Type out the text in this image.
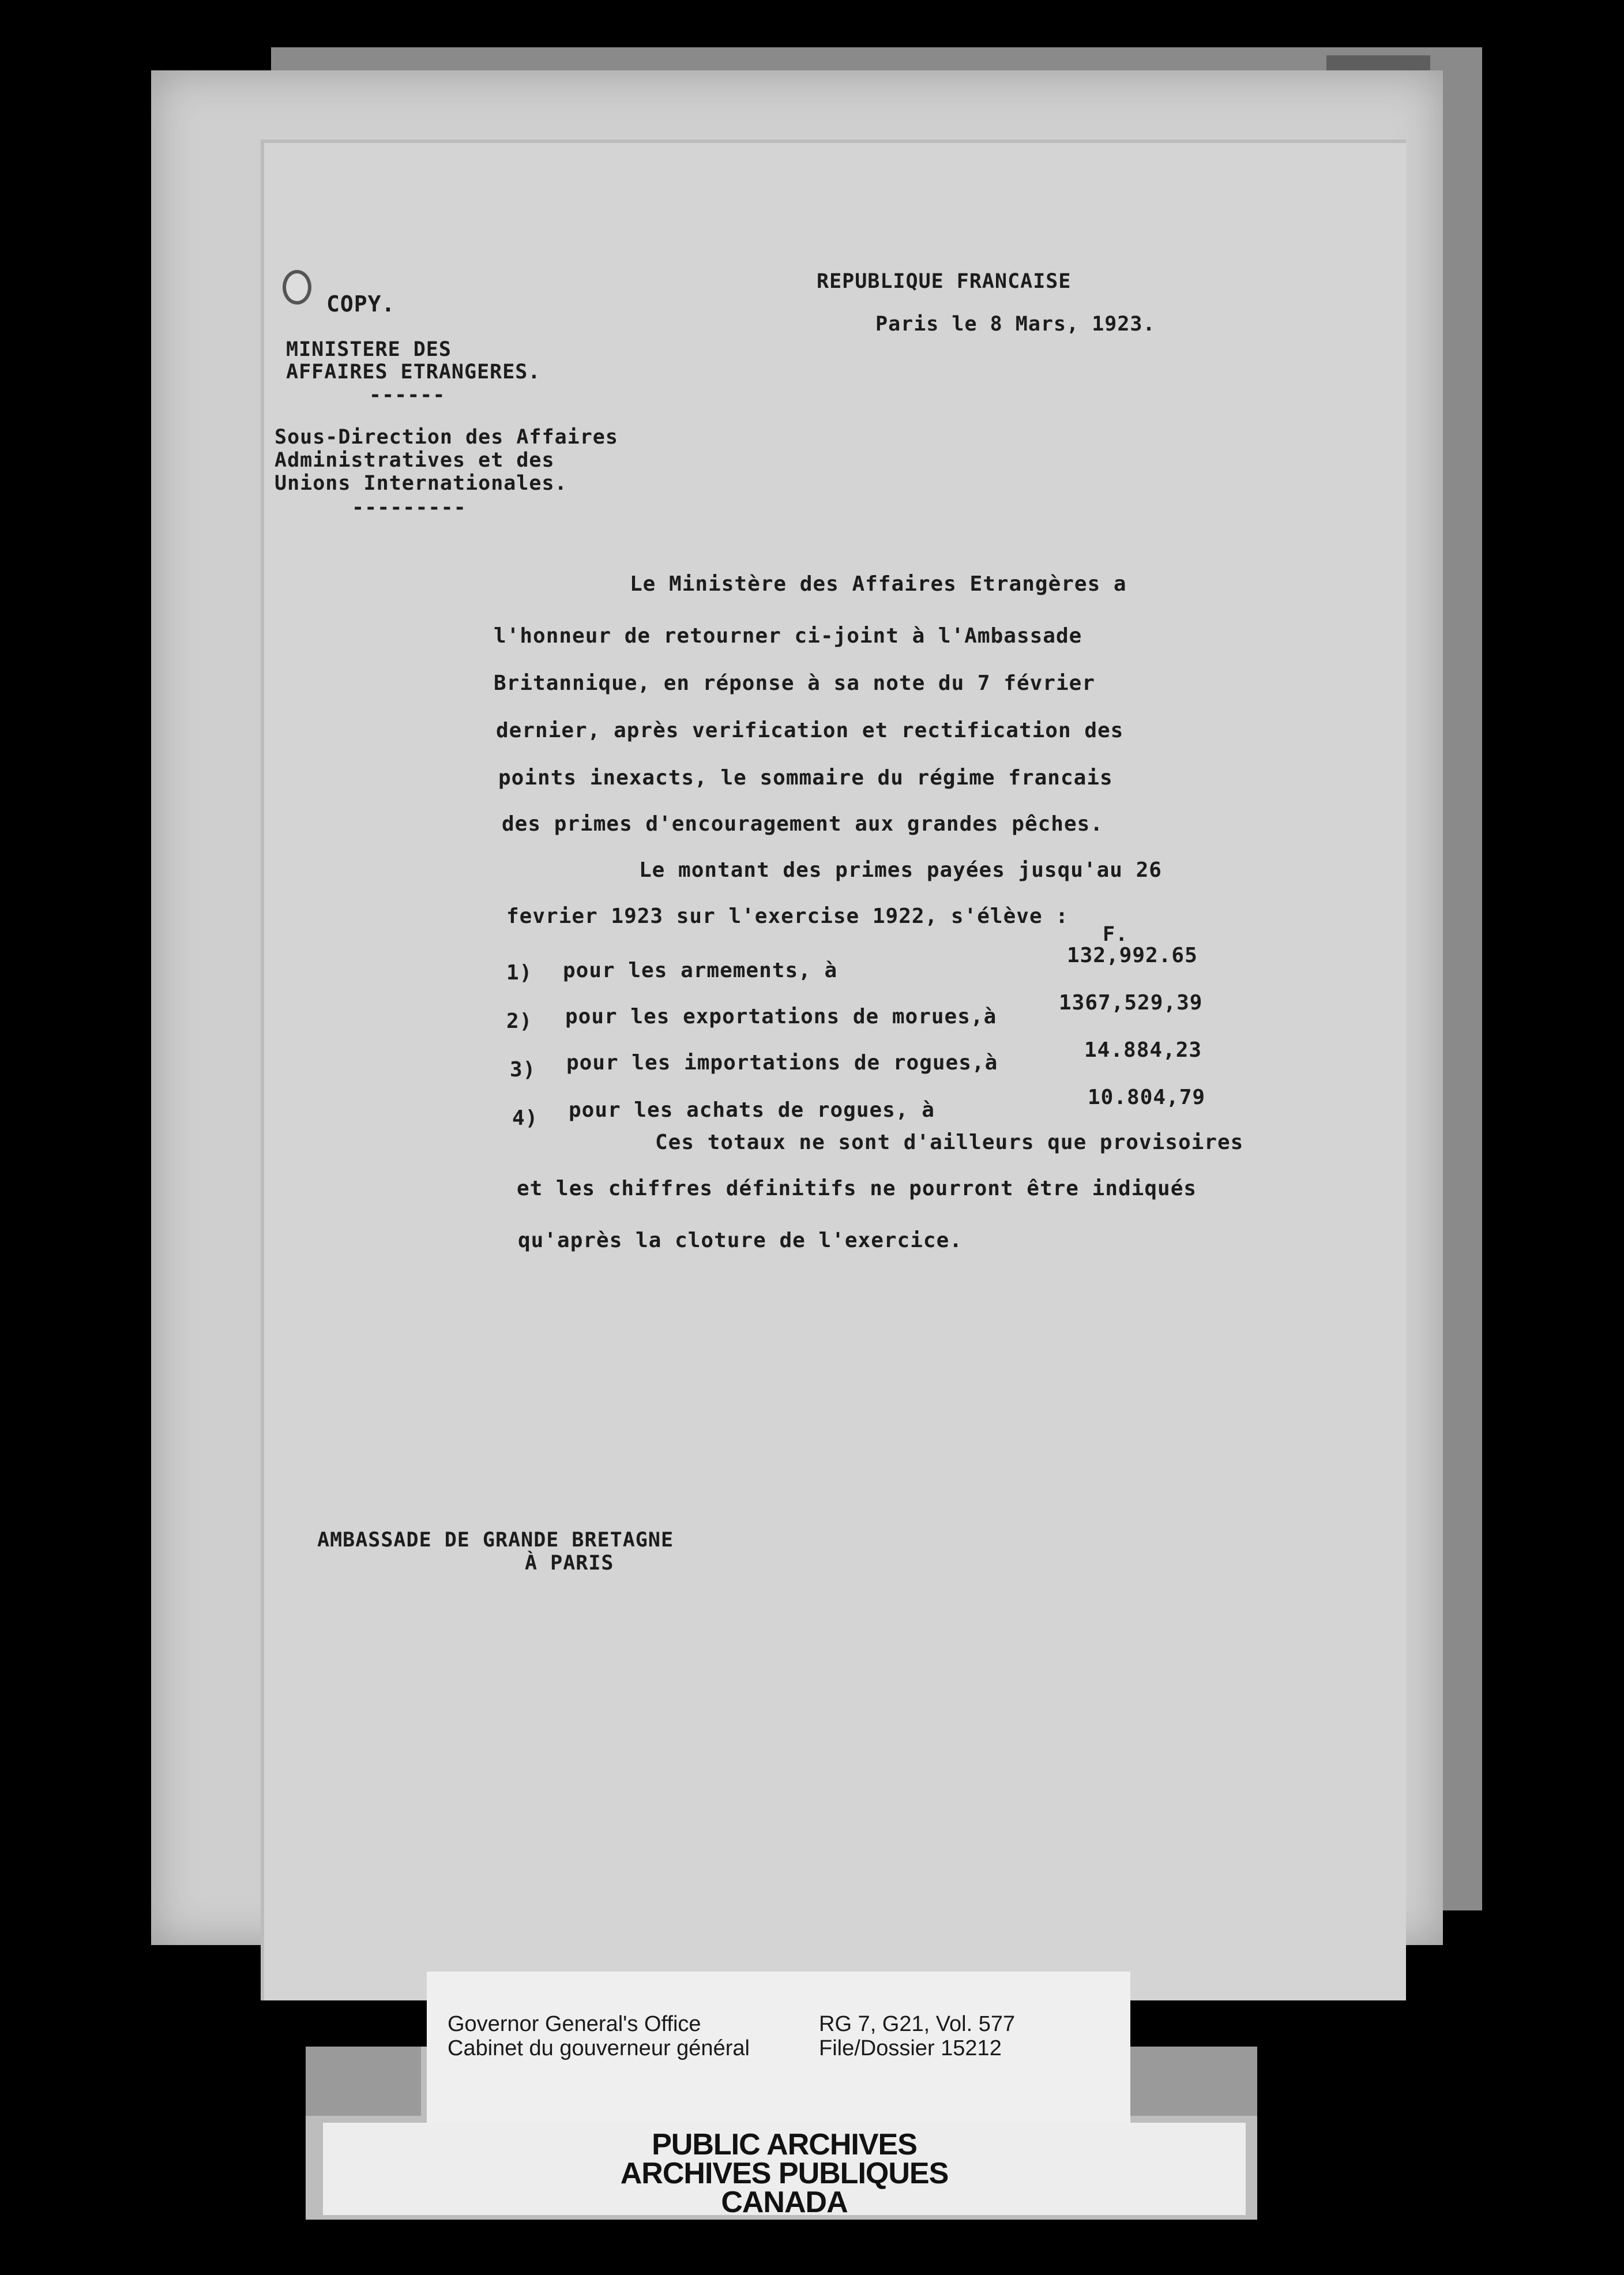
COPY.
MINISTERE DES
AFFAIRES ETRANGERES.
------
Sous-Direction des Affaires
Administratives et des
Unions Internationales.
---------
REPUBLIQUE FRANCAISE
Paris le 8 Mars, 1923.
Le Ministère des Affaires Etrangères a
l'honneur de retourner ci-joint à l'Ambassade
Britannique, en réponse à sa note du 7 février
dernier, après verification et rectification des
points inexacts, le sommaire du régime francais
des primes d'encouragement aux grandes pêches.
Le montant des primes payées jusqu'au 26
fevrier 1923 sur l'exercise 1922, s'élève :
F.
1) pour les armements, à
132,992.65
2) pour les exportations de morues,à
1367,529,39
3) pour les importations de rogues,à
14.884,23
4) pour les achats de rogues, à
10.804,79
Ces totaux ne sont d'ailleurs que provisoires
et les chiffres définitifs ne pourront être indiqués
qu'après la cloture de l'exercice.
AMBASSADE DE GRANDE BRETAGNE
À PARIS
PUBLIC ARCHIVES
ARCHIVES PUBLIQUES
CANADA
Governor General's Office
Cabinet du gouverneur général
RG 7, G21, Vol. 577
File/Dossier 15212
